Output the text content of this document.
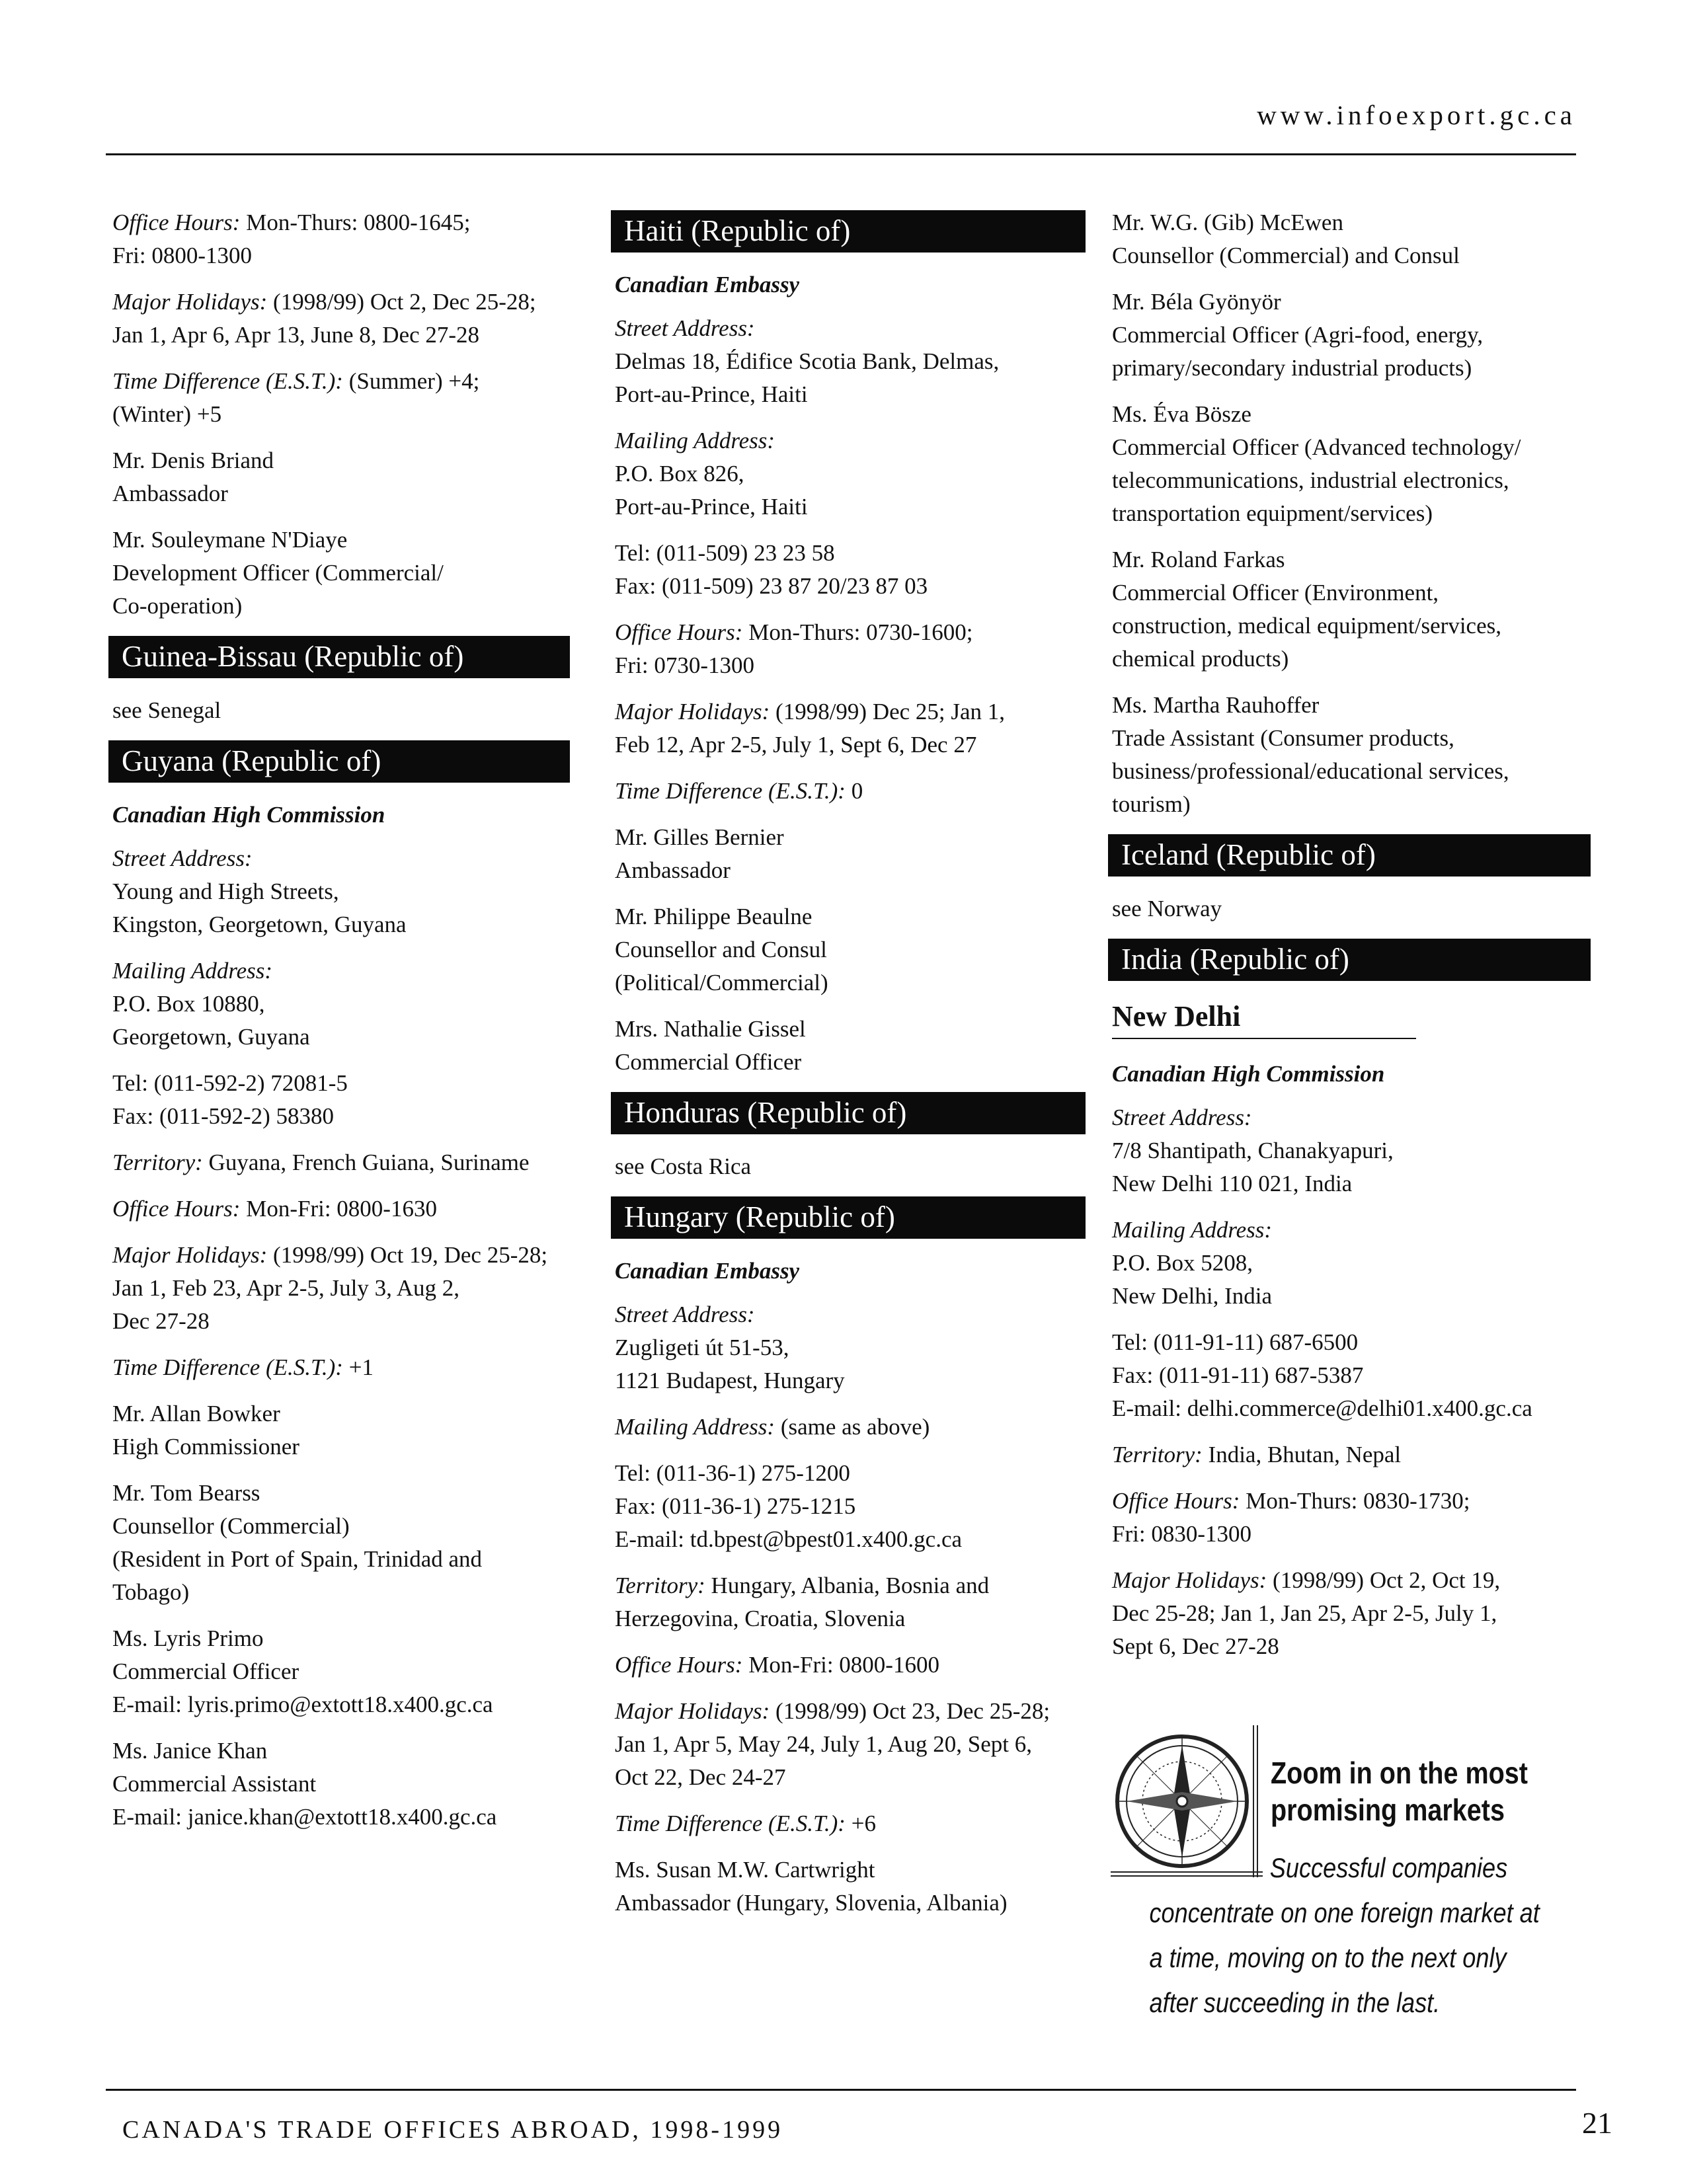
www.infoexport.gc.ca
Office Hours: Mon-Thurs: 0800-1645;
Fri: 0800-1300
Major Holidays: (1998/99) Oct 2, Dec 25-28;
Jan 1, Apr 6, Apr 13, June 8, Dec 27-28
Time Difference (E.S.T.): (Summer) +4;
(Winter) +5
Mr. Denis Briand
Ambassador
Mr. Souleymane N'Diaye
Development Officer (Commercial/
Co-operation)
Guinea-Bissau (Republic of)
see Senegal
Guyana (Republic of)
Canadian High Commission
Street Address:
Young and High Streets,
Kingston, Georgetown, Guyana
Mailing Address:
P.O. Box 10880,
Georgetown, Guyana
Tel: (011-592-2) 72081-5
Fax: (011-592-2) 58380
Territory: Guyana, French Guiana, Suriname
Office Hours: Mon-Fri: 0800-1630
Major Holidays: (1998/99) Oct 19, Dec 25-28;
Jan 1, Feb 23, Apr 2-5, July 3, Aug 2,
Dec 27-28
Time Difference (E.S.T.): +1
Mr. Allan Bowker
High Commissioner
Mr. Tom Bearss
Counsellor (Commercial)
(Resident in Port of Spain, Trinidad and
Tobago)
Ms. Lyris Primo
Commercial Officer
E-mail: lyris.primo@extott18.x400.gc.ca
Ms. Janice Khan
Commercial Assistant
E-mail: janice.khan@extott18.x400.gc.ca
Haiti (Republic of)
Canadian Embassy
Street Address:
Delmas 18, Édifice Scotia Bank, Delmas,
Port-au-Prince, Haiti
Mailing Address:
P.O. Box 826,
Port-au-Prince, Haiti
Tel: (011-509) 23 23 58
Fax: (011-509) 23 87 20/23 87 03
Office Hours: Mon-Thurs: 0730-1600;
Fri: 0730-1300
Major Holidays: (1998/99) Dec 25; Jan 1,
Feb 12, Apr 2-5, July 1, Sept 6, Dec 27
Time Difference (E.S.T.): 0
Mr. Gilles Bernier
Ambassador
Mr. Philippe Beaulne
Counsellor and Consul
(Political/Commercial)
Mrs. Nathalie Gissel
Commercial Officer
Honduras (Republic of)
see Costa Rica
Hungary (Republic of)
Canadian Embassy
Street Address:
Zugligeti út 51-53,
1121 Budapest, Hungary
Mailing Address: (same as above)
Tel: (011-36-1) 275-1200
Fax: (011-36-1) 275-1215
E-mail: td.bpest@bpest01.x400.gc.ca
Territory: Hungary, Albania, Bosnia and
Herzegovina, Croatia, Slovenia
Office Hours: Mon-Fri: 0800-1600
Major Holidays: (1998/99) Oct 23, Dec 25-28;
Jan 1, Apr 5, May 24, July 1, Aug 20, Sept 6,
Oct 22, Dec 24-27
Time Difference (E.S.T.): +6
Ms. Susan M.W. Cartwright
Ambassador (Hungary, Slovenia, Albania)
Mr. W.G. (Gib) McEwen
Counsellor (Commercial) and Consul
Mr. Béla Gyönyör
Commercial Officer (Agri-food, energy,
primary/secondary industrial products)
Ms. Éva Bösze
Commercial Officer (Advanced technology/
telecommunications, industrial electronics,
transportation equipment/services)
Mr. Roland Farkas
Commercial Officer (Environment,
construction, medical equipment/services,
chemical products)
Ms. Martha Rauhoffer
Trade Assistant (Consumer products,
business/professional/educational services,
tourism)
Iceland (Republic of)
see Norway
India (Republic of)
New Delhi
Canadian High Commission
Street Address:
7/8 Shantipath, Chanakyapuri,
New Delhi 110 021, India
Mailing Address:
P.O. Box 5208,
New Delhi, India
Tel: (011-91-11) 687-6500
Fax: (011-91-11) 687-5387
E-mail: delhi.commerce@delhi01.x400.gc.ca
Territory: India, Bhutan, Nepal
Office Hours: Mon-Thurs: 0830-1730;
Fri: 0830-1300
Major Holidays: (1998/99) Oct 2, Oct 19,
Dec 25-28; Jan 1, Jan 25, Apr 2-5, July 1,
Sept 6, Dec 27-28
Zoom in on the most
promising markets
Successful companies
concentrate on one foreign market at
a time, moving on to the next only
after succeeding in the last.
CANADA'S TRADE OFFICES ABROAD, 1998-1999	21
